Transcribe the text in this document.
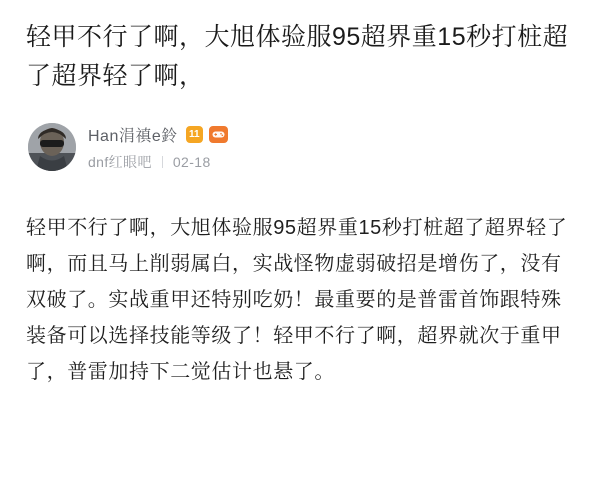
轻甲不行了啊，大旭体验服95超界重15秒打桩超了超界轻了啊，
Han涓禛e鈴	11
dnf红眼吧 02-18
轻甲不行了啊，大旭体验服95超界重15秒打桩超了超界轻了啊，而且马上削弱属白，实战怪物虚弱破招是增伤了，没有双破了。实战重甲还特别吃奶！最重要的是普雷首饰跟特殊装备可以选择技能等级了！轻甲不行了啊，超界就次于重甲了，普雷加持下二觉估计也悬了。
